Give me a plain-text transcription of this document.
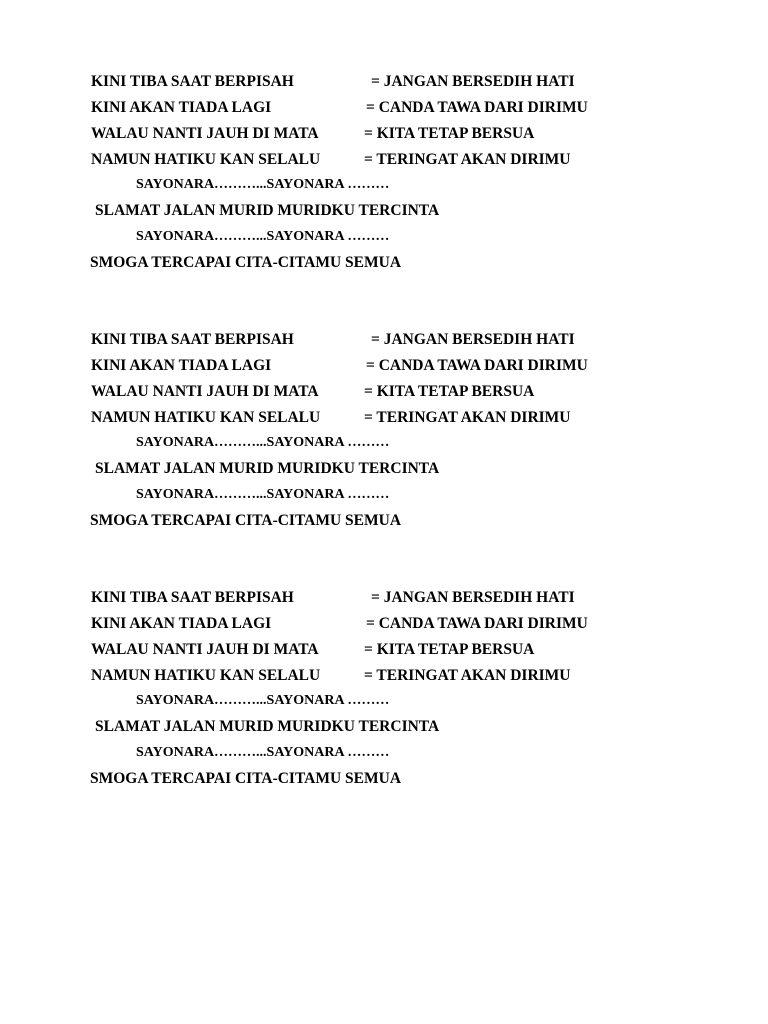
KINI TIBA SAAT BERPISAH	= JANGAN BERSEDIH HATI
KINI AKAN TIADA LAGI	= CANDA TAWA DARI DIRIMU
WALAU NANTI JAUH DI MATA	= KITA TETAP BERSUA
NAMUN HATIKU KAN SELALU	= TERINGAT AKAN DIRIMU
SAYONARA………...SAYONARA ………
SLAMAT JALAN MURID MURIDKU TERCINTA
SAYONARA………...SAYONARA ………
SMOGA TERCAPAI CITA-CITAMU SEMUA
KINI TIBA SAAT BERPISAH	= JANGAN BERSEDIH HATI
KINI AKAN TIADA LAGI	= CANDA TAWA DARI DIRIMU
WALAU NANTI JAUH DI MATA	= KITA TETAP BERSUA
NAMUN HATIKU KAN SELALU	= TERINGAT AKAN DIRIMU
SAYONARA………...SAYONARA ………
SLAMAT JALAN MURID MURIDKU TERCINTA
SAYONARA………...SAYONARA ………
SMOGA TERCAPAI CITA-CITAMU SEMUA
KINI TIBA SAAT BERPISAH	= JANGAN BERSEDIH HATI
KINI AKAN TIADA LAGI	= CANDA TAWA DARI DIRIMU
WALAU NANTI JAUH DI MATA	= KITA TETAP BERSUA
NAMUN HATIKU KAN SELALU	= TERINGAT AKAN DIRIMU
SAYONARA………...SAYONARA ………
SLAMAT JALAN MURID MURIDKU TERCINTA
SAYONARA………...SAYONARA ………
SMOGA TERCAPAI CITA-CITAMU SEMUA
